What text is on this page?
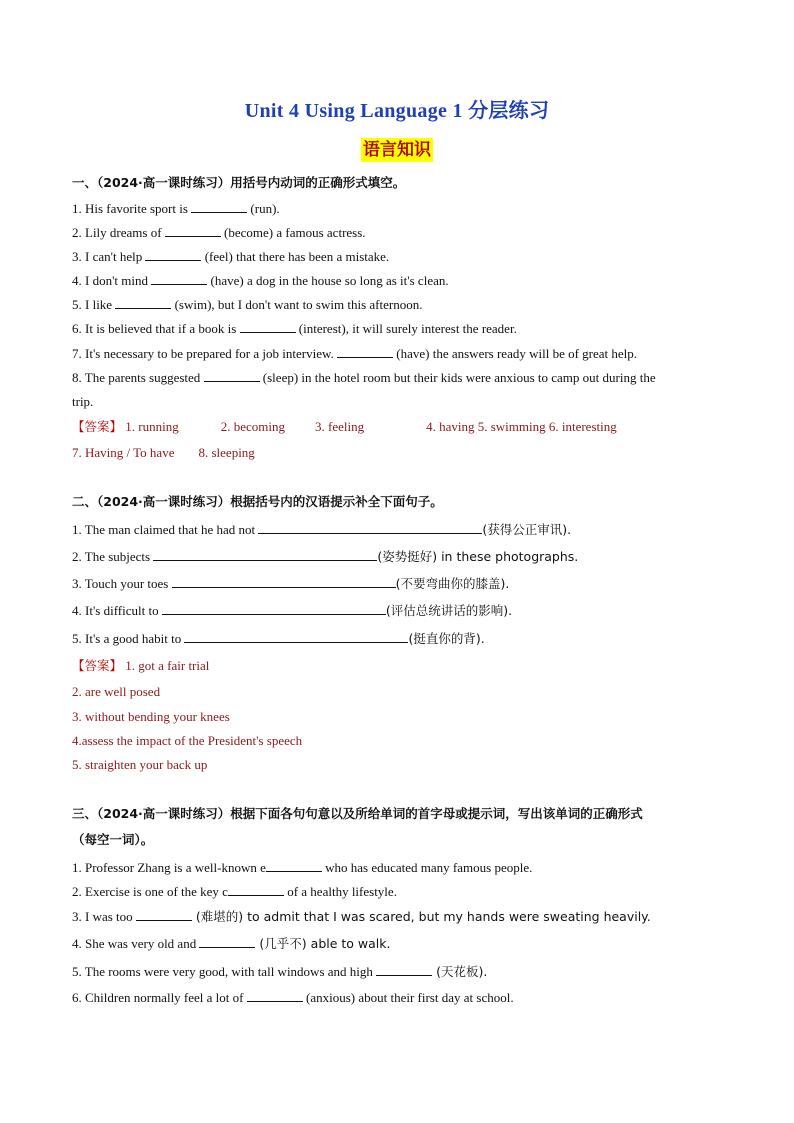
Unit 4 Using Language 1 分层练习
语言知识
一、（2024·高一课时练习）用括号内动词的正确形式填空。
1. His favorite sport is	(run).
2. Lily dreams of	(become) a famous actress.
3. I can't help	(feel) that there has been a mistake.
4. I don't mind	(have) a dog in the house so long as it's clean.
5. I like	(swim), but I don't want to swim this afternoon.
6. It is believed that if a book is	(interest), it will surely interest the reader.
7. It's necessary to be prepared for a job interview.	(have) the answers ready will be of great help.
8. The parents suggested	(sleep) in the hotel room but their kids were anxious to camp out during the
trip.
【答案】 1. running	2. becoming 3. feeling	4. having 5. swimming 6. interesting
7. Having / To have 8. sleeping
二、（2024·高一课时练习）根据括号内的汉语提示补全下面句子。
1. The man claimed that he had not	(获得公正审讯).
2. The subjects	(姿势挺好) in these photographs.
3. Touch your toes	(不要弯曲你的膝盖).
4. It's difficult to	(评估总统讲话的影响).
5. It's a good habit to	(挺直你的背).
【答案】 1. got a fair trial
2. are well posed
3. without bending your knees
4.assess the impact of the President's speech
5. straighten your back up
三、（2024·高一课时练习）根据下面各句句意以及所给单词的首字母或提示词，写出该单词的正确形式
（每空一词）。
1. Professor Zhang is a well-known e	who has educated many famous people.
2. Exercise is one of the key c	of a healthy lifestyle.
3. I was too	(难堪的) to admit that I was scared, but my hands were sweating heavily.
4. She was very old and	(几乎不) able to walk.
5. The rooms were very good, with tall windows and high	(天花板).
6. Children normally feel a lot of	(anxious) about their first day at school.
